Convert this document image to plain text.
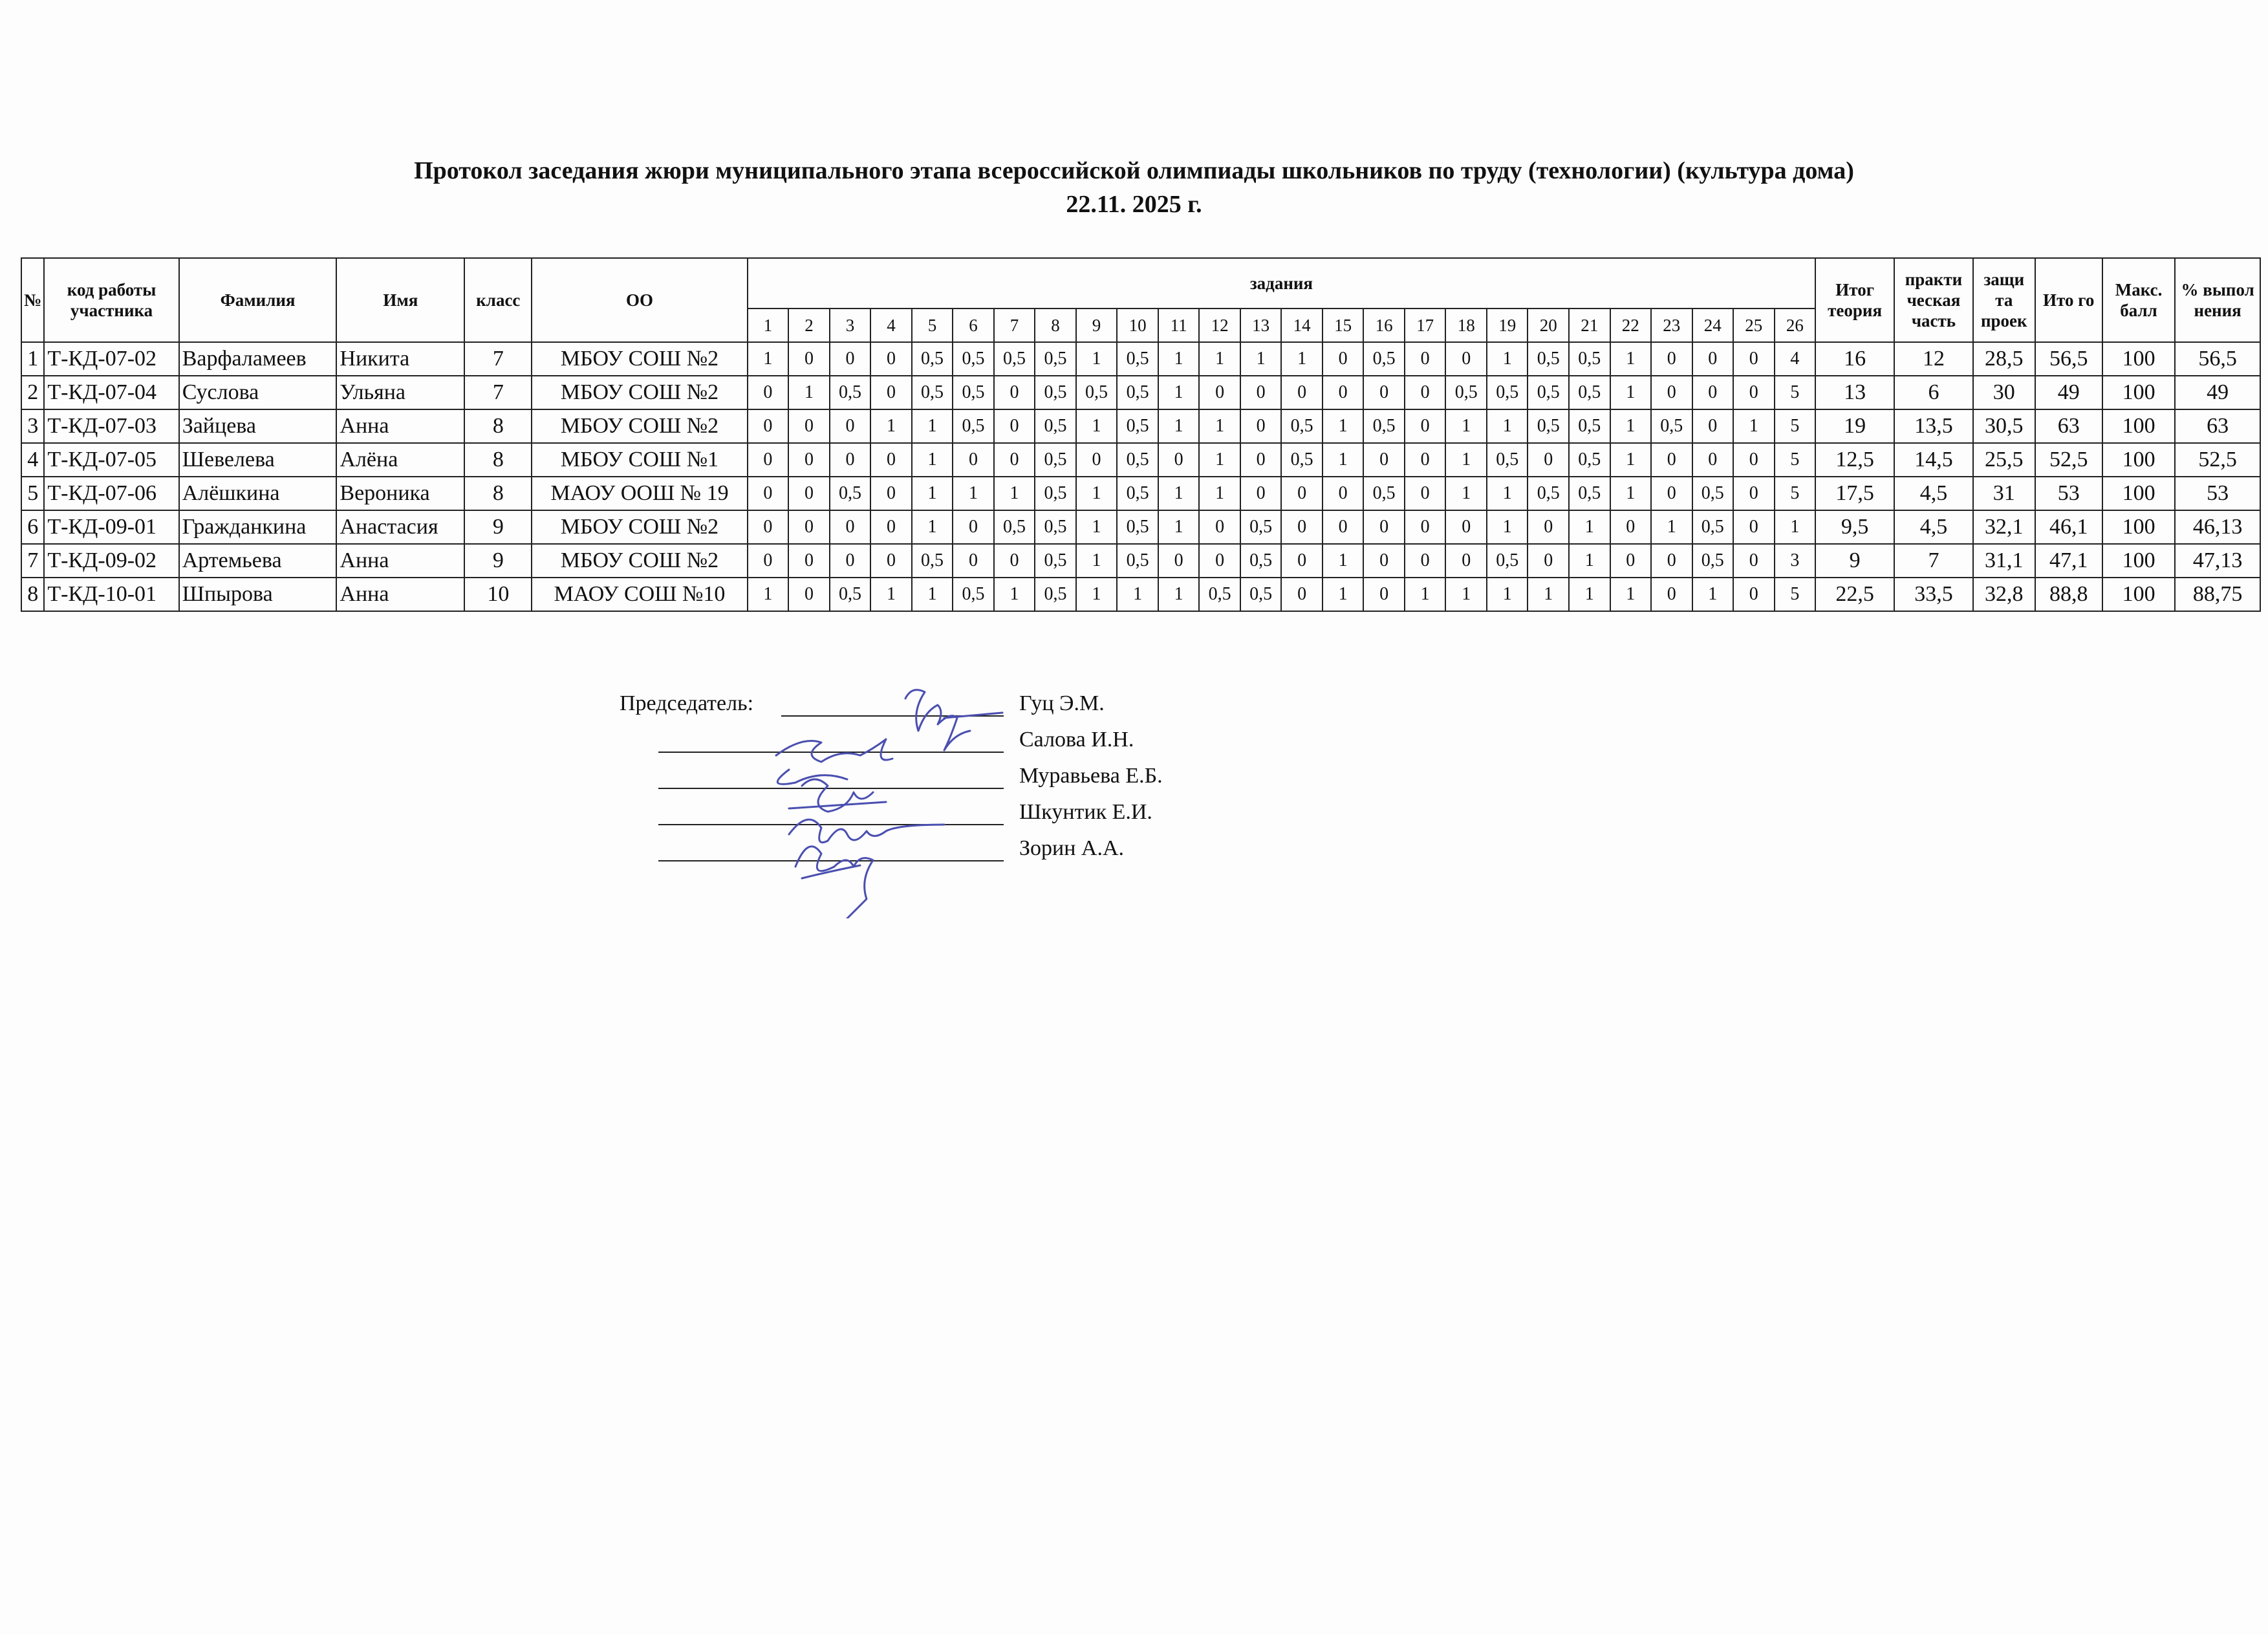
Протокол заседания жюри муниципального этапа всероссийской олимпиады школьников по труду (технологии) (культура дома)
22.11. 2025 г.
№	код работы участника	Фамилия	Имя	класс	ОО	задания																										Итог теория	практи ческая часть	защи та проек	Ито го	Макс. балл	% выпол нения
						1	2	3	4	5	6	7	8	9	10	11	12	13	14	15	16	17	18	19	20	21	22	23	24	25	26						
1	Т-КД-07-02	Варфаламеев	Никита	7	МБОУ СОШ №2	1	0	0	0	0,5	0,5	0,5	0,5	1	0,5	1	1	1	1	0	0,5	0	0	1	0,5	0,5	1	0	0	0	4	16	12	28,5	56,5	100	56,5
2	Т-КД-07-04	Суслова	Ульяна	7	МБОУ СОШ №2	0	1	0,5	0	0,5	0,5	0	0,5	0,5	0,5	1	0	0	0	0	0	0	0,5	0,5	0,5	0,5	1	0	0	0	5	13	6	30	49	100	49
3	Т-КД-07-03	Зайцева	Анна	8	МБОУ СОШ №2	0	0	0	1	1	0,5	0	0,5	1	0,5	1	1	0	0,5	1	0,5	0	1	1	0,5	0,5	1	0,5	0	1	5	19	13,5	30,5	63	100	63
4	Т-КД-07-05	Шевелева	Алёна	8	МБОУ СОШ №1	0	0	0	0	1	0	0	0,5	0	0,5	0	1	0	0,5	1	0	0	1	0,5	0	0,5	1	0	0	0	5	12,5	14,5	25,5	52,5	100	52,5
5	Т-КД-07-06	Алёшкина	Вероника	8	МАОУ ООШ № 19	0	0	0,5	0	1	1	1	0,5	1	0,5	1	1	0	0	0	0,5	0	1	1	0,5	0,5	1	0	0,5	0	5	17,5	4,5	31	53	100	53
6	Т-КД-09-01	Гражданкина	Анастасия	9	МБОУ СОШ №2	0	0	0	0	1	0	0,5	0,5	1	0,5	1	0	0,5	0	0	0	0	0	1	0	1	0	1	0,5	0	1	9,5	4,5	32,1	46,1	100	46,13
7	Т-КД-09-02	Артемьева	Анна	9	МБОУ СОШ №2	0	0	0	0	0,5	0	0	0,5	1	0,5	0	0	0,5	0	1	0	0	0	0,5	0	1	0	0	0,5	0	3	9	7	31,1	47,1	100	47,13
8	Т-КД-10-01	Шпырова	Анна	10	МАОУ СОШ №10	1	0	0,5	1	1	0,5	1	0,5	1	1	1	0,5	0,5	0	1	0	1	1	1	1	1	1	0	1	0	5	22,5	33,5	32,8	88,8	100	88,75
Председатель:	Гуц Э.М.
Салова И.Н.
Муравьева Е.Б.
Шкунтик Е.И.
Зорин А.А.
